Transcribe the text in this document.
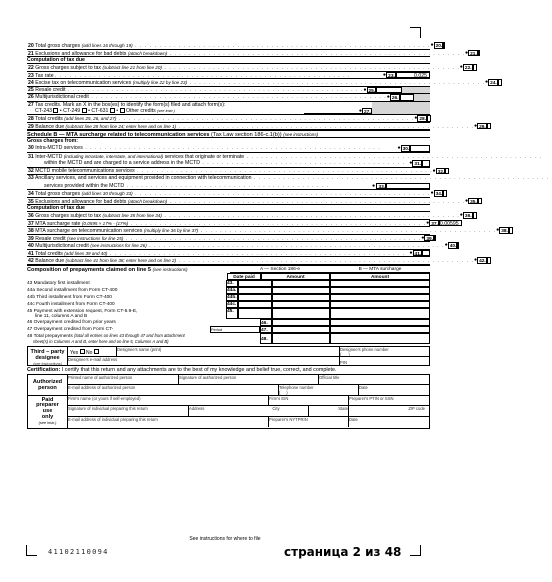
20 Total gross charges (add lines 16 through 19) . . . . . . . . . . . . . . . . . . . . . . . . . . . . . . . . . . . . . . . . . . . . . . . . . . . . . . . . . . . . . ● 20.
21 Exclusions and allowance for bad debts (attach breakdown) . . . . . . . . . . . . . . . . . . . . . . . . . . . . . . . . . . . . . . . . . . . . . . . . . . . . . . . . . . . . . ● 21.
Computation of tax due
22 Gross charges subject to tax (subtract line 21 from line 20) . . . . . . . . . . . . . . . . . . . . . . . . . . . . . . . . . . . . . . . . . . . . . . . . . . . . . . . . . . . . . ● 22.
23 Tax rate . . . . . . . . . . . . . . . . . . . . . . . . . . . . . . . . . . . . . . . . . . . . . . . . . . . . . . . . . . . . .	● 23.	0.025
24 Excise tax on telecommunication services (multiply line 22 by line 23) . . . . . . . . . . . . . . . . . . . . . . . . . . . . . . . . . . . . . . . . . . . . . . . . . . . . . . . . . . . . . ● 24.
25 Resale credit . . . . . . . . . . . . . . . . . . . . . . . . . . . . . . . . . . . . . . . . . . . . . . . . . . . . . . . . . . . . . ● 25.
26 Multijurisdictional credit . . . . . . . . . . . . . . . . . . . . . . . . . . . . . . . . . . . . . . . . . . . . . . . . . . . . . . . . . . . . . ● 26.
27 Tax credits. Mark an X in the box(es) to identify the form(s) filed and attach form(s):
CT-243  • CT-249  • CT-631  •  Other credits (see instr.)	● 27.
28 Total credits (add lines 25, 26, and 27) . . . . . . . . . . . . . . . . . . . . . . . . . . . . . . . . . . . . . . . . . . . . . . . . . . . . . . . . . . . . . ● 28.
29 Balance due (subtract line 28 from line 24; enter here and on line 1) . . . . . . . . . . . . . . . . . . . . . . . . . . . . . . . . . . . . . . . . . . . . . . . . . . . . . . . . . . . . . ● 29.
Schedule B — MTA surcharge related to telecommunication services (Tax Law section 186-c.1(b)) (see instructions)
Gross charges from:
30 Intra-MCTD services . . . . . . . . . . . . . . . . . . . . . . . . . . . . . . . . . . . . . . . . . . . . . . . . . . . . . . . . . . . . .	● 30.
31 Inter-MCTD (including intrastate, interstate, and international) services that originate or terminate . . . . . . . . . . . . . . . . . . . . . . . . . . . . . . . . . . . . . . . . . . . . . . . . . . . . . . . . . . . . .
within the MCTD and are charged to a service address in the MCTD . . . . . . . . . . . . . . . . . . . . . . . . . . . . . . . . . . . . . . . . . . ● 31.
32 MCTD mobile telecommunications services . . . . . . . . . . . . . . . . . . . . . . . . . . . . . . . . . . . . . . . . . . . . . . . . . . . . . . . . . . . . . ● 32.
33 Ancillary services, and services and equipment provided in connection with telecommunication . . . . . . . . . . . . . . . . . . . . . . . . . . . . . . . . . . . . . . . . . . . . . . . . . . . . . . . . . . . . .
services provided within the MCTD . . . . . . . . . . . . . . . . . . . . . . . . . . . . . . . . . . . . . . . . . .	● 33.
34 Total gross charges (add lines 30 through 33) . . . . . . . . . . . . . . . . . . . . . . . . . . . . . . . . . . . . . . . . . . . . . . . . . . . . . . . . . . . . . ● 34.
35 Exclusions and allowance for bad debts (attach breakdown) . . . . . . . . . . . . . . . . . . . . . . . . . . . . . . . . . . . . . . . . . . . . . . . . . . . . . . . . . . . . . ● 35.
Computation of tax due
36 Gross charges subject to tax (subtract line 35 from line 34) . . . . . . . . . . . . . . . . . . . . . . . . . . . . . . . . . . . . . . . . . . . . . . . . . . . . . . . . . . . . . ● 36.
37 MTA surcharge rate (0.0595 × 17% - (17%) . . . . . . . . . . . . . . . . . . . . . . . . . . . . . . . . . . . . . . . . . . . . . . . . . . . . . . . . . . . . . ● 37. 0.00595
38 MTA surcharge on telecommunication services (multiply line 36 by line 37) . . . . . . . . . . . . . . . . . . . . . . . . . . . . . . . . . . . . . . . . . . . . . . . . . . . . . . . . . . . . . ● 38.
39 Resale credit (see instructions for line 25) . . . . . . . . . . . . . . . . . . . . . . . . . . . . . . . . . . . . . . . . . . . . . . . . . . . . . . . . . . . . . ● 39.
40 Multijurisdictional credit (see instructions for line 26) . . . . . . . . . . . . . . . . . . . . . . . . . . . . . . . . . . . . . . . . . . . . . . . . . . . . . . . . . . . . . ● 40.
41 Total credits (add lines 39 and 40) . . . . . . . . . . . . . . . . . . . . . . . . . . . . . . . . . . . . . . . . . . . . . . . . . . . . . . . . . . . . . ● 41.
42 Balance due (subtract line 41 from line 38; enter here and on line 2) . . . . . . . . . . . . . . . . . . . . . . . . . . . . . . . . . . . . . . . . . . . . . . . . . . . . . . . . . . . . . ● 42.
Composition of prepayments claimed on line 5 (see instructions)	A — Section 186-e	B — MTA surcharge
Date paid	Amount	Amount
43 Mandatory first installment	43.
44a Second installment from Form CT-400	44a.
44b Third installment from Form CT-400	44b.
44c Fourth installment from Form CT-400	44c.
45 Payment with extension request, Form CT-5.9-E,
line 11, columns A and B
45.
46 Overpayment credited from prior years	46.
47 Overpayment credited from Form CT-	Period	47.
48 Total prepayments (total all entries on lines 43 through 47 and from attachment
sheet(s) in Columns A and B, enter here and on line 5, Columns A and B)	48.
Third – party
designee
(see instructions)
Yes No
Designee's name (print)	Designee's phone number
(      )
Designee's e-mail address
PIN
Certification: I certify that this return and any attachments are to the best of my knowledge and belief true, correct, and complete.
Authorized
person
Printed name of authorized person	Signature of authorized person	Official title
E-mail address of authorized person	Telephone number
(     )
Date
Paid
preparer
use
only
(see instr.)
Firm's name (or yours if self-employed)	Firm's EIN	Preparer's PTIN or SSN
Signature of individual preparing this return	Address	City	State	ZIP code
E-mail address of individual preparing this return	Preparer's NYTPRIN	Date
See instructions for where to file
41102110094	страница 2 из 48
